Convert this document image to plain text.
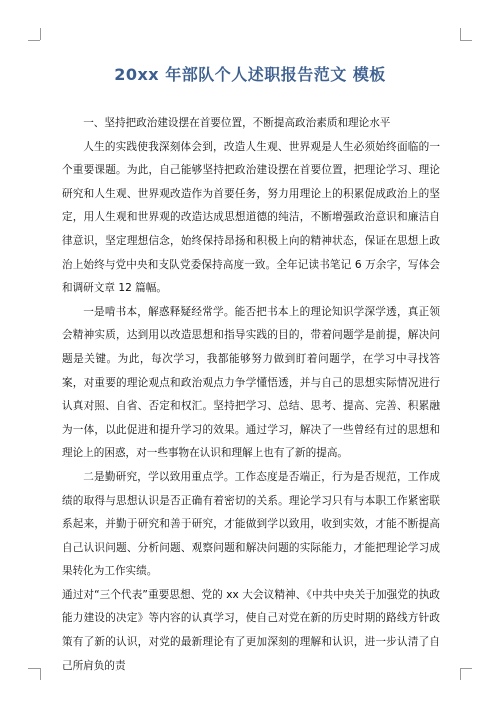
20xx 年部队个人述职报告范文 模板

一、坚持把政治建设摆在首要位置，不断提高政治素质和理论水平

人生的实践使我深刻体会到，改造人生观、世界观是人生必须始终面临的一个重要课题。为此，自己能够坚持把政治建设摆在首要位置，把理论学习、理论研究和人生观、世界观改造作为首要任务，努力用理论上的积累促成政治上的坚定，用人生观和世界观的改造达成思想道德的纯洁，不断增强政治意识和廉洁自律意识，坚定理想信念，始终保持昂扬和积极上向的精神状态，保证在思想上政治上始终与党中央和支队党委保持高度一致。全年记读书笔记 6 万余字，写体会和调研文章 12 篇幅。

一是啃书本，解惑释疑经常学。能否把书本上的理论知识学深学透，真正领会精神实质，达到用以改造思想和指导实践的目的，带着问题学是前提，解决问题是关键。为此，每次学习，我都能够努力做到盯着问题学，在学习中寻找答案，对重要的理论观点和政治观点力争学懂悟透，并与自己的思想实际情况进行认真对照、自省、否定和权汇。坚持把学习、总结、思考、提高、完善、积累融为一体，以此促进和提升学习的效果。通过学习，解决了一些曾经有过的思想和理论上的困惑，对一些事物在认识和理解上也有了新的提高。

二是勤研究，学以致用重点学。工作态度是否端正，行为是否规范，工作成绩的取得与思想认识是否正确有着密切的关系。理论学习只有与本职工作紧密联系起来，并勤于研究和善于研究，才能做到学以致用，收到实效，才能不断提高自己认识问题、分析问题、观察问题和解决问题的实际能力，才能把理论学习成果转化为工作实绩。

通过对“三个代表”重要思想、党的 xx 大会议精神、《中共中央关于加强党的执政能力建设的决定》等内容的认真学习，使自己对党在新的历史时期的路线方针政策有了新的认识，对党的最新理论有了更加深刻的理解和认识，进一步认清了自己所肩负的责
